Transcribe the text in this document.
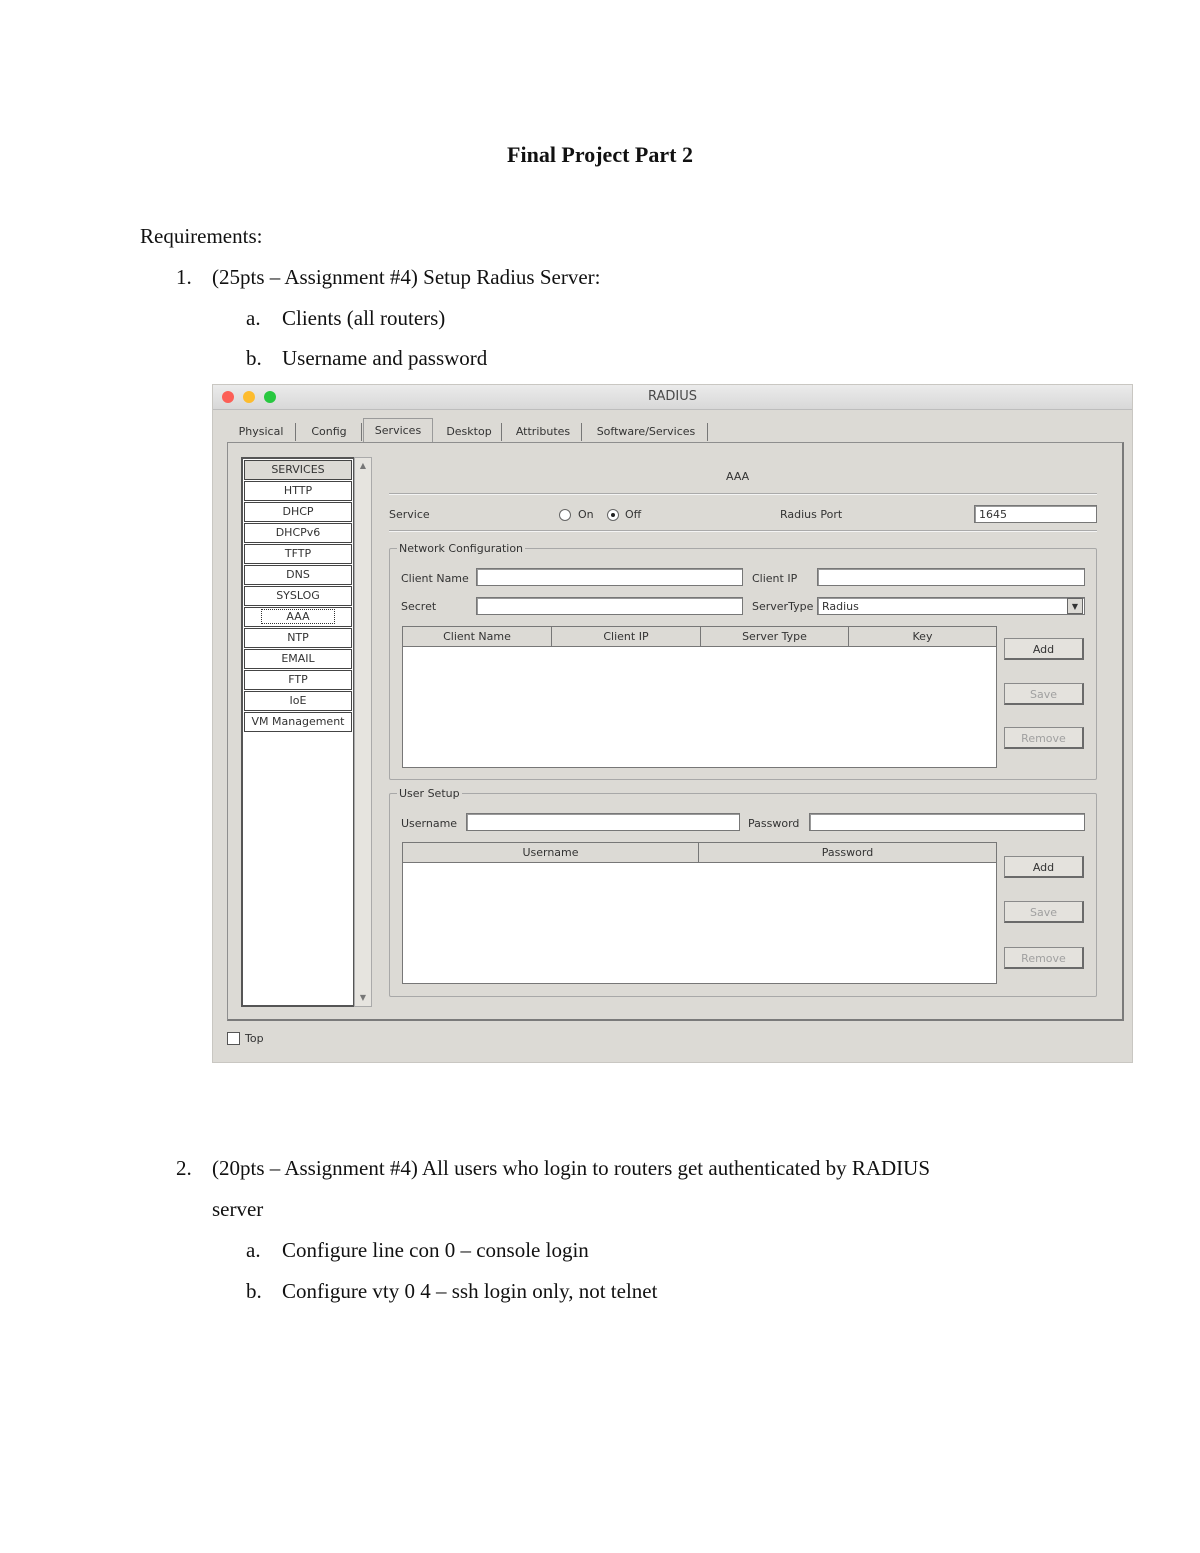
Final Project Part 2
Requirements:
1. (25pts – Assignment #4) Setup Radius Server:
a. Clients (all routers)
b. Username and password
RADIUS
Physical	Config	Services	Desktop	Attributes	Software/Services
SERVICES
HTTP
DHCP
DHCPv6
TFTP
DNS
SYSLOG
AAA
NTP
EMAIL
FTP
IoE
VM Management
▲
▼
AAA
Service	On	Off	Radius Port	1645
Network Configuration
Client Name	Client IP
Secret	ServerType Radius	▼
Client Name	Client IP	Server Type	Key
Add
Save
Remove
User Setup
Username	Password
Username	Password
Add
Save
Remove
Top
2. (20pts – Assignment #4) All users who login to routers get authenticated by RADIUS
server
a. Configure line con 0 – console login
b. Configure vty 0 4 – ssh login only, not telnet
